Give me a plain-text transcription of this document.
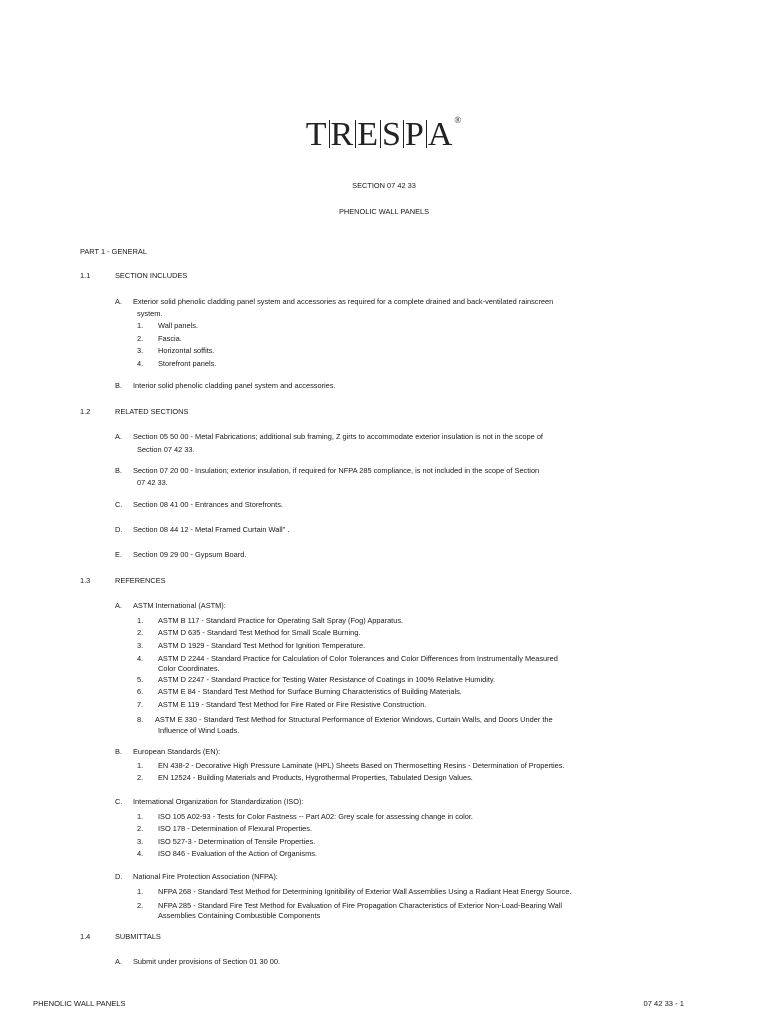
TRESPA®
SECTION 07 42 33
PHENOLIC WALL PANELS
PART 1 - GENERAL
1.1	SECTION INCLUDES
A. Exterior solid phenolic cladding panel system and accessories as required for a complete drained and back-ventilated rainscreen
system.
1. Wall panels.
2. Fascia.
3. Horizontal soffits.
4. Storefront panels.
B. Interior solid phenolic cladding panel system and accessories.
1.2	RELATED SECTIONS
A. Section 05 50 00 - Metal Fabrications; additional sub framing, Z girts to accommodate exterior insulation is not in the scope of
Section 07 42 33.
B. Section 07 20 00 - Insulation; exterior insulation, if required for NFPA 285 compliance, is not included in the scope of Section
07 42 33.
C. Section 08 41 00 - Entrances and Storefronts.
D. Section 08 44 12 - Metal Framed Curtain Wall" .
E. Section 09 29 00 - Gypsum Board.
1.3	REFERENCES
A. ASTM International (ASTM):
1. ASTM B 117 - Standard Practice for Operating Salt Spray (Fog) Apparatus.
2. ASTM D 635 - Standard Test Method for Small Scale Burning.
3. ASTM D 1929 - Standard Test Method for Ignition Temperature.
4. ASTM D 2244 - Standard Practice for Calculation of Color Tolerances and Color Differences from Instrumentally Measured
Color Coordinates.
5. ASTM D 2247 - Standard Practice for Testing Water Resistance of Coatings in 100% Relative Humidity.
6. ASTM E 84 - Standard Test Method for Surface Burning Characteristics of Building Materials.
7. ASTM E 119 - Standard Test Method for Fire Rated or Fire Resistive Construction.
8. ASTM E 330 - Standard Test Method for Structural Performance of Exterior Windows, Curtain Walls, and Doors Under the
Influence of Wind Loads.
B. European Standards (EN):
1. EN 438-2 - Decorative High Pressure Laminate (HPL) Sheets Based on Thermosetting Resins - Determination of Properties.
2. EN 12524 - Building Materials and Products, Hygrothermal Properties, Tabulated Design Values.
C. International Organization for Standardization (ISO):
1. ISO 105 A02-93 - Tests for Color Fastness -- Part A02: Grey scale for assessing change in color.
2. ISO 178 - Determination of Flexural Properties.
3. ISO 527-3 - Determination of Tensile Properties.
4. ISO 846 - Evaluation of the Action of Organisms.
D. National Fire Protection Association (NFPA):
1. NFPA 268 - Standard Test Method for Determining Ignitibility of Exterior Wall Assemblies Using a Radiant Heat Energy Source.
2. NFPA 285 - Standard Fire Test Method for Evaluation of Fire Propagation Characteristics of Exterior Non-Load-Bearing Wall
Assemblies Containing Combustible Components
1.4	SUBMITTALS
A. Submit under provisions of Section 01 30 00.
PHENOLIC WALL PANELS	07 42 33 - 1
